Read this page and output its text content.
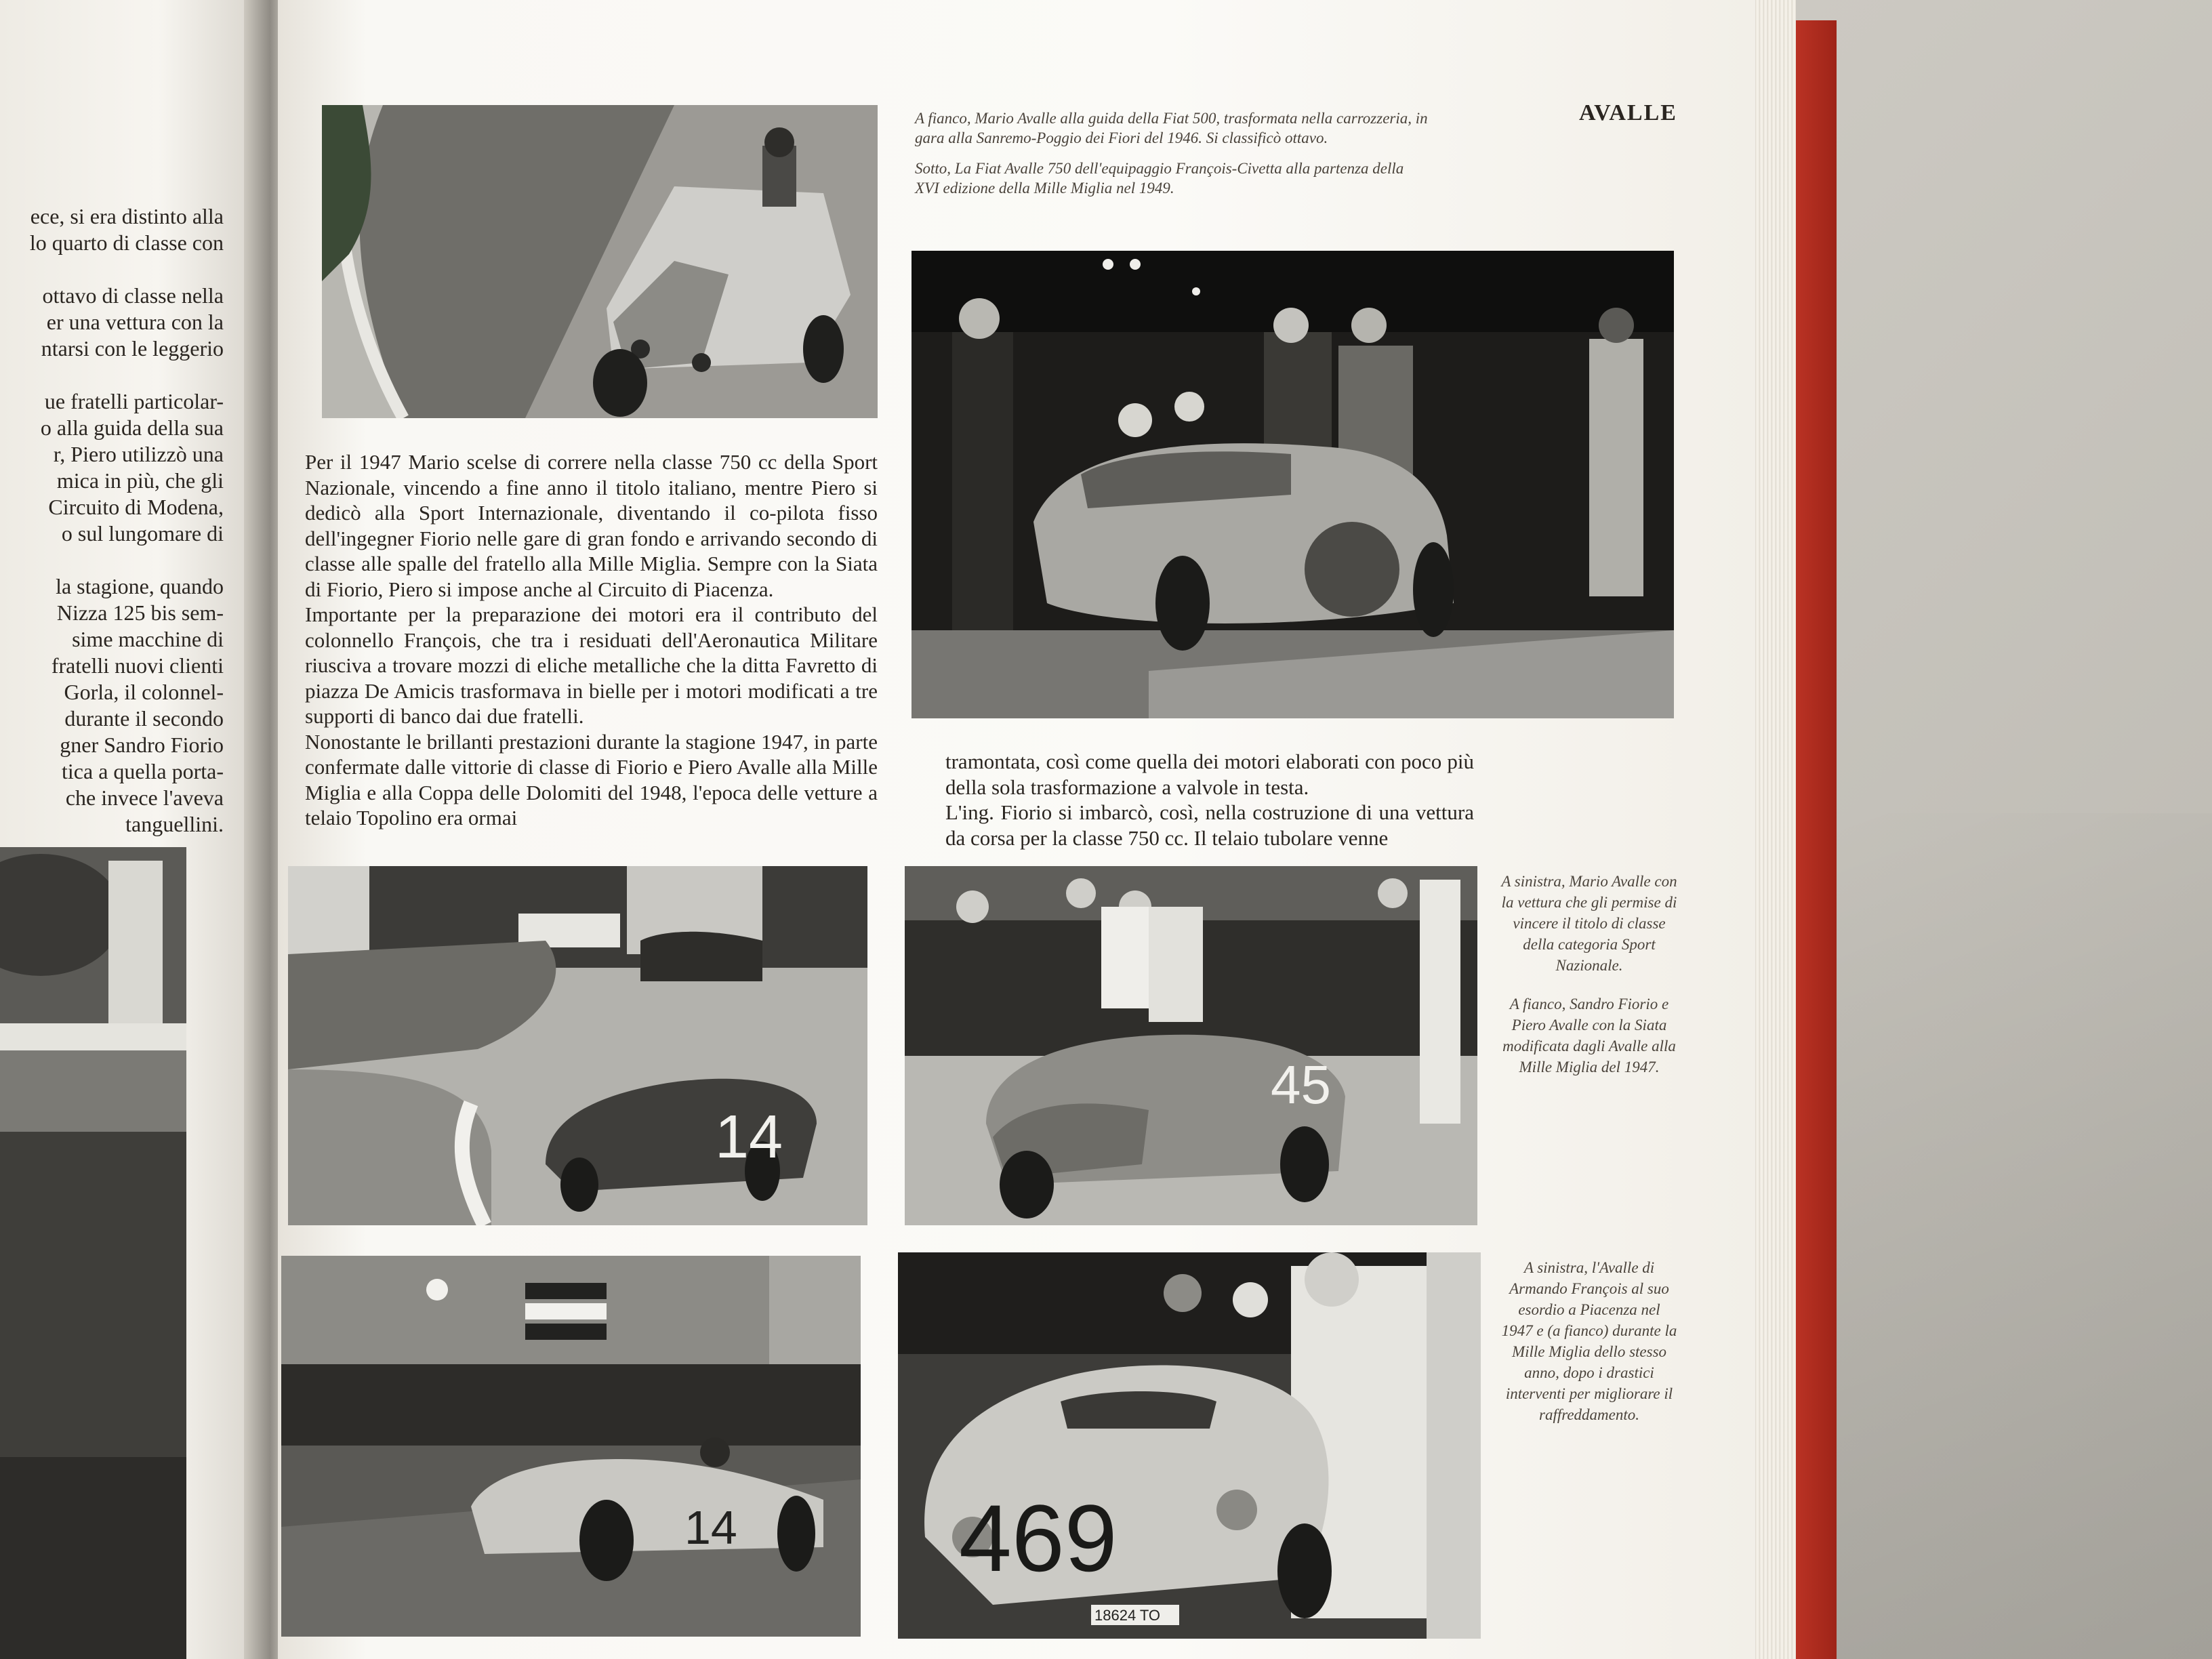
ece, si era distinto alla
lo quarto di classe con
ottavo di classe nella
er una vettura con la
ntarsi con le leggerio
ue fratelli particolar-
o alla guida della sua
r, Piero utilizzò una
mica in più, che gli
Circuito di Modena,
o sul lungomare di
la stagione, quando
Nizza 125 bis sem-
sime macchine di
fratelli nuovi clienti
Gorla, il colonnel-
durante il secondo
gner Sandro Fiorio
tica a quella porta-
che invece l'aveva
tanguellini.
AVALLE

A fianco, Mario Avalle alla guida della Fiat 500, trasformata nella carrozzeria, in gara alla Sanremo-Poggio dei Fiori del 1946. Si classificò ottavo.

Sotto, La Fiat Avalle 750 dell'equipaggio François-Civetta alla partenza della XVI edizione della Mille Miglia nel 1949.

Per il 1947 Mario scelse di correre nella classe 750 cc della Sport Nazionale, vincendo a fine anno il titolo italiano, mentre Piero si dedicò alla Sport Internazionale, diventando il co-pilota fisso dell'ingegner Fiorio nelle gare di gran fondo e arrivando secondo di classe alle spalle del fratello alla Mille Miglia. Sempre con la Siata di Fiorio, Piero si impose anche al Circuito di Piacenza.

Importante per la preparazione dei motori era il contributo del colonnello François, che tra i residuati dell'Aeronautica Militare riusciva a trovare mozzi di eliche metalliche che la ditta Favretto di piazza De Amicis trasformava in bielle per i motori modificati a tre supporti di banco dai due fratelli.

Nonostante le brillanti prestazioni durante la stagione 1947, in parte confermate dalle vittorie di classe di Fiorio e Piero Avalle alla Mille Miglia e alla Coppa delle Dolomiti del 1948, l'epoca delle vetture a telaio Topolino era ormai

tramontata, così come quella dei motori elaborati con poco più della sola trasformazione a valvole in testa.

L'ing. Fiorio si imbarcò, così, nella costruzione di una vettura da corsa per la classe 750 cc. Il telaio tubolare venne

14
45

A sinistra, Mario Avalle con la vettura che gli permise di vincere il titolo di classe della categoria Sport Nazionale.

A fianco, Sandro Fiorio e Piero Avalle con la Siata modificata dagli Avalle alla Mille Miglia del 1947.

14
18624 TO
469

A sinistra, l'Avalle di Armando François al suo esordio a Piacenza nel 1947 e (a fianco) durante la Mille Miglia dello stesso anno, dopo i drastici interventi per migliorare il raffreddamento.
